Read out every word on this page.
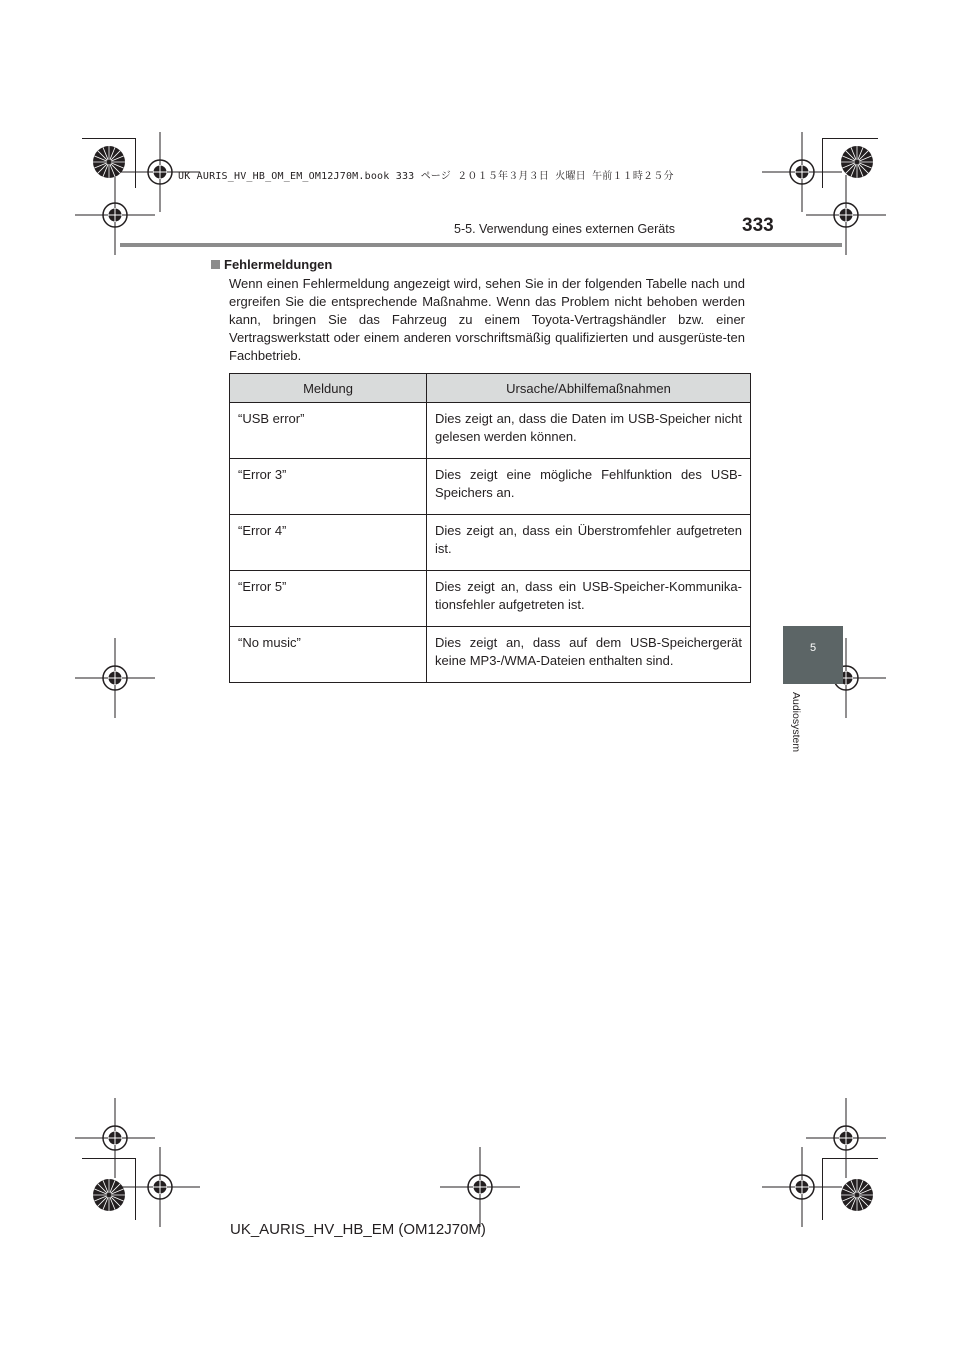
UK AURIS_HV_HB_OM_EM_OM12J70M.book 333 ページ ２０１５年３月３日 火曜日 午前１１時２５分
5-5. Verwendung eines externen Geräts	333
5
Audiosystem
Fehlermeldungen
Wenn einen Fehlermeldung angezeigt wird, sehen Sie in der folgenden Tabelle nach und ergreifen Sie die entsprechende Maßnahme. Wenn das Problem nicht behoben werden kann, bringen Sie das Fahrzeug zu einem Toyota-Vertragshändler bzw. einer Vertragswerkstatt oder einem anderen vorschriftsmäßig qualifizierten und ausgerüste-ten Fachbetrieb.
Meldung	Ursache/Abhilfemaßnahmen
“USB error”	Dies zeigt an, dass die Daten im USB-Speicher nicht gelesen werden können.
“Error 3”	Dies zeigt eine mögliche Fehlfunktion des USB-Speichers an.
“Error 4”	Dies zeigt an, dass ein Überstromfehler aufgetreten ist.
“Error 5”	Dies zeigt an, dass ein USB-Speicher-Kommunika-tionsfehler aufgetreten ist.
“No music”	Dies zeigt an, dass auf dem USB-Speichergerät keine MP3-/WMA-Dateien enthalten sind.
UK_AURIS_HV_HB_EM (OM12J70M)
